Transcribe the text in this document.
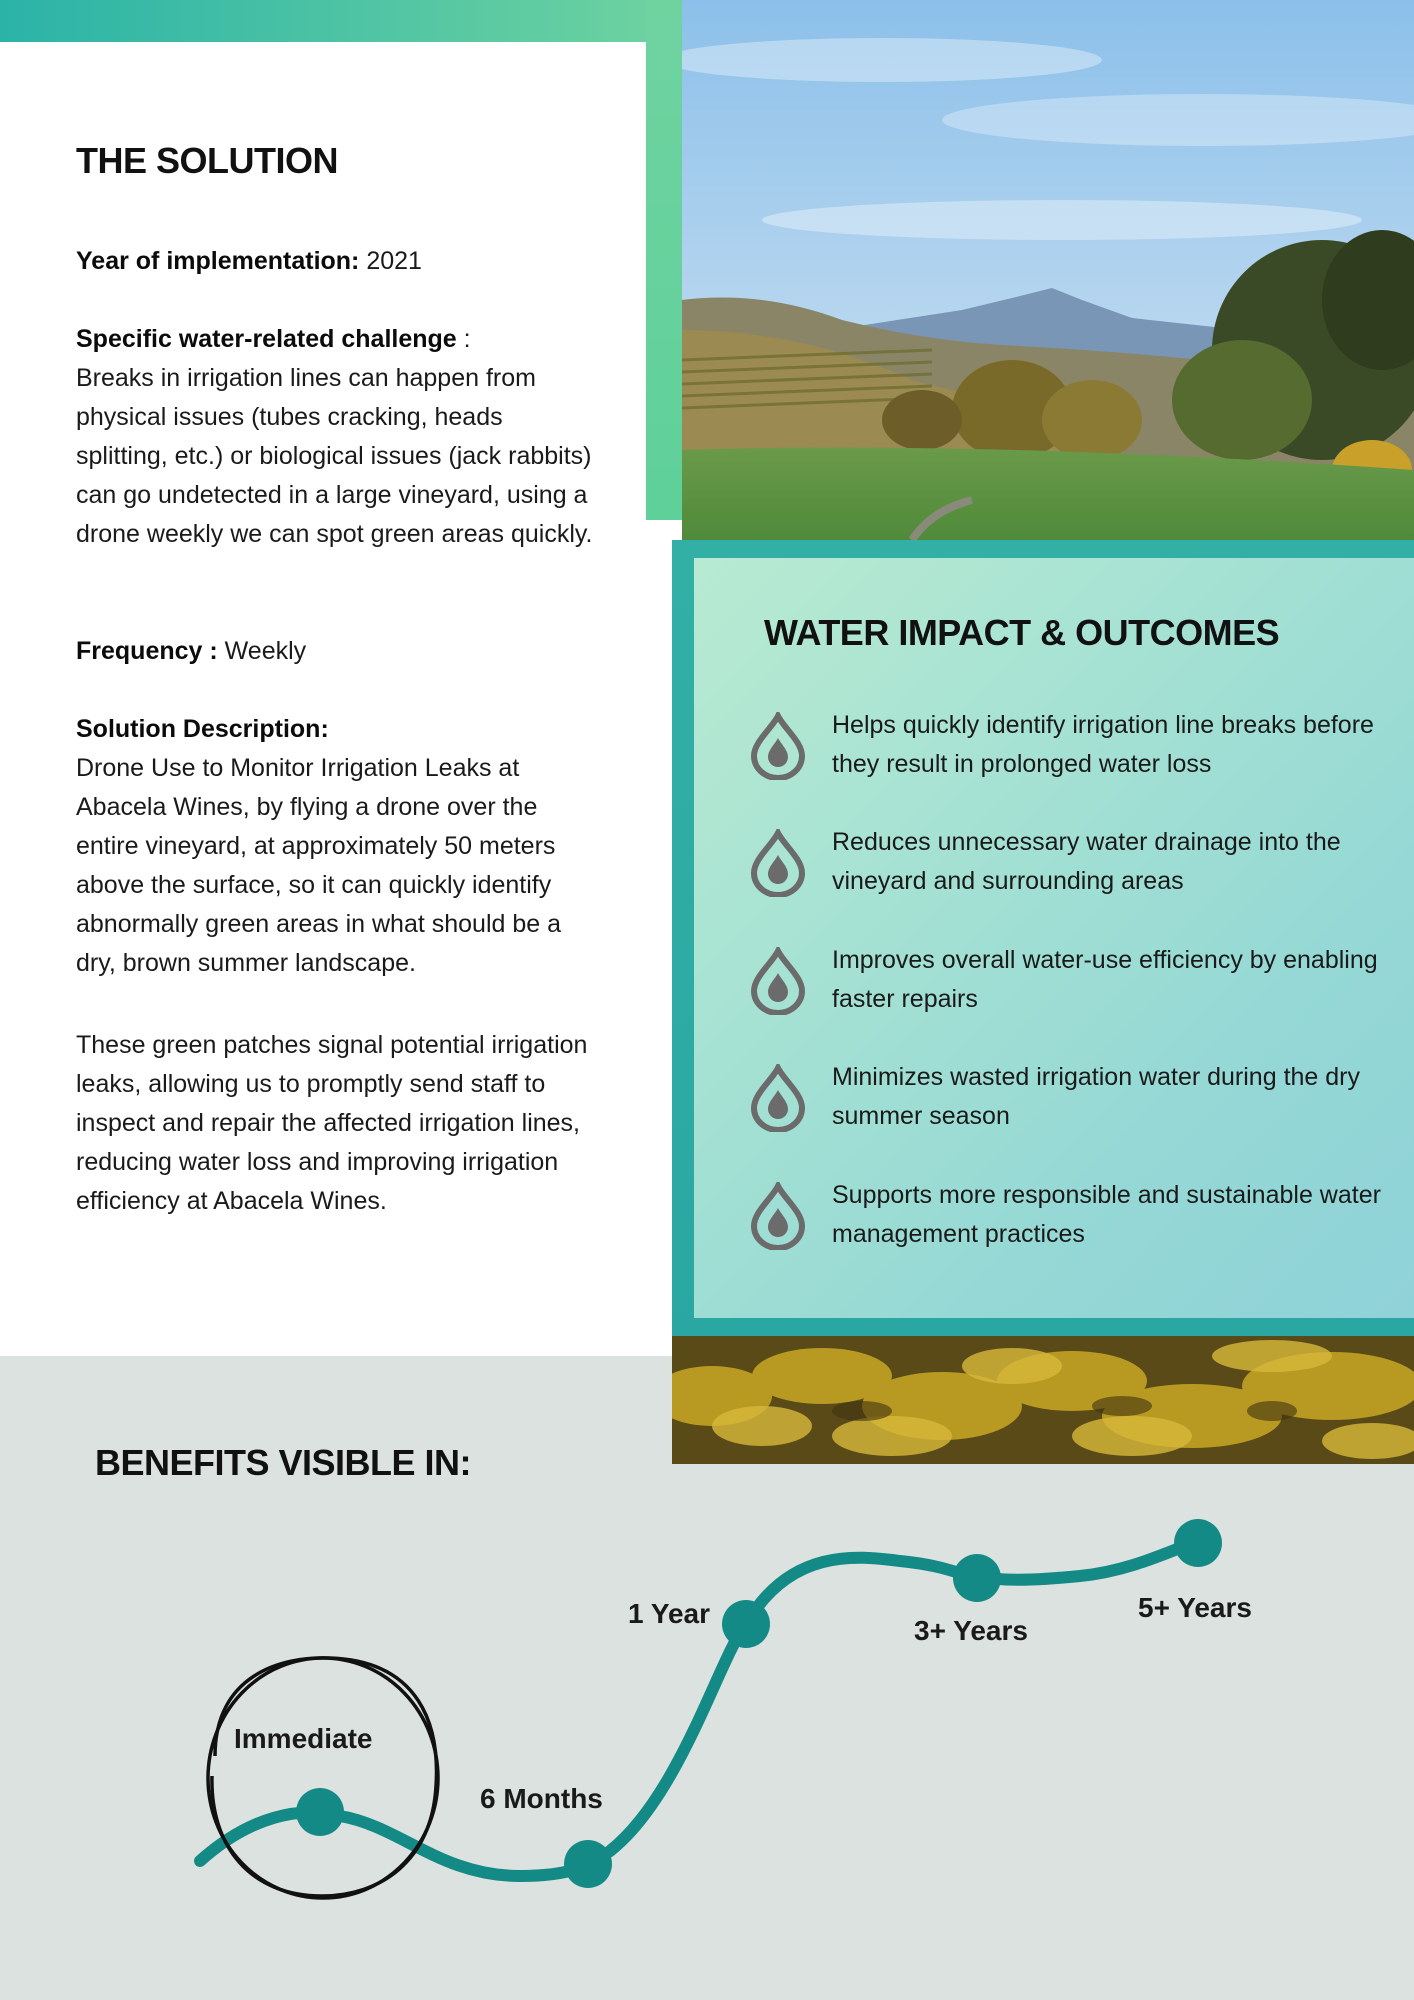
WATER IMPACT & OUTCOMES
Helps quickly identify irrigation line breaks before they result in prolonged water loss
Reduces unnecessary water drainage into the vineyard and surrounding areas
Improves overall water-use efficiency by enabling faster repairs
Minimizes wasted irrigation water during the dry summer season
Supports more responsible and sustainable water management practices
THE SOLUTION
Year of implementation: 2021
Specific water-related challenge :
Breaks in irrigation lines can happen from physical issues (tubes cracking, heads splitting, etc.) or biological issues (jack rabbits) can go undetected in a large vineyard, using a drone weekly we can spot green areas quickly.
Frequency : Weekly
Solution Description:
Drone Use to Monitor Irrigation Leaks at Abacela Wines, by flying a drone over the entire vineyard, at approximately 50 meters above the surface, so it can quickly identify abnormally green areas in what should be a dry, brown summer landscape.
These green patches signal potential irrigation leaks, allowing us to promptly send staff to inspect and repair the affected irrigation lines, reducing water loss and improving irrigation efficiency at Abacela Wines.
BENEFITS VISIBLE IN:
Immediate
6 Months
1 Year
3+ Years
5+ Years
